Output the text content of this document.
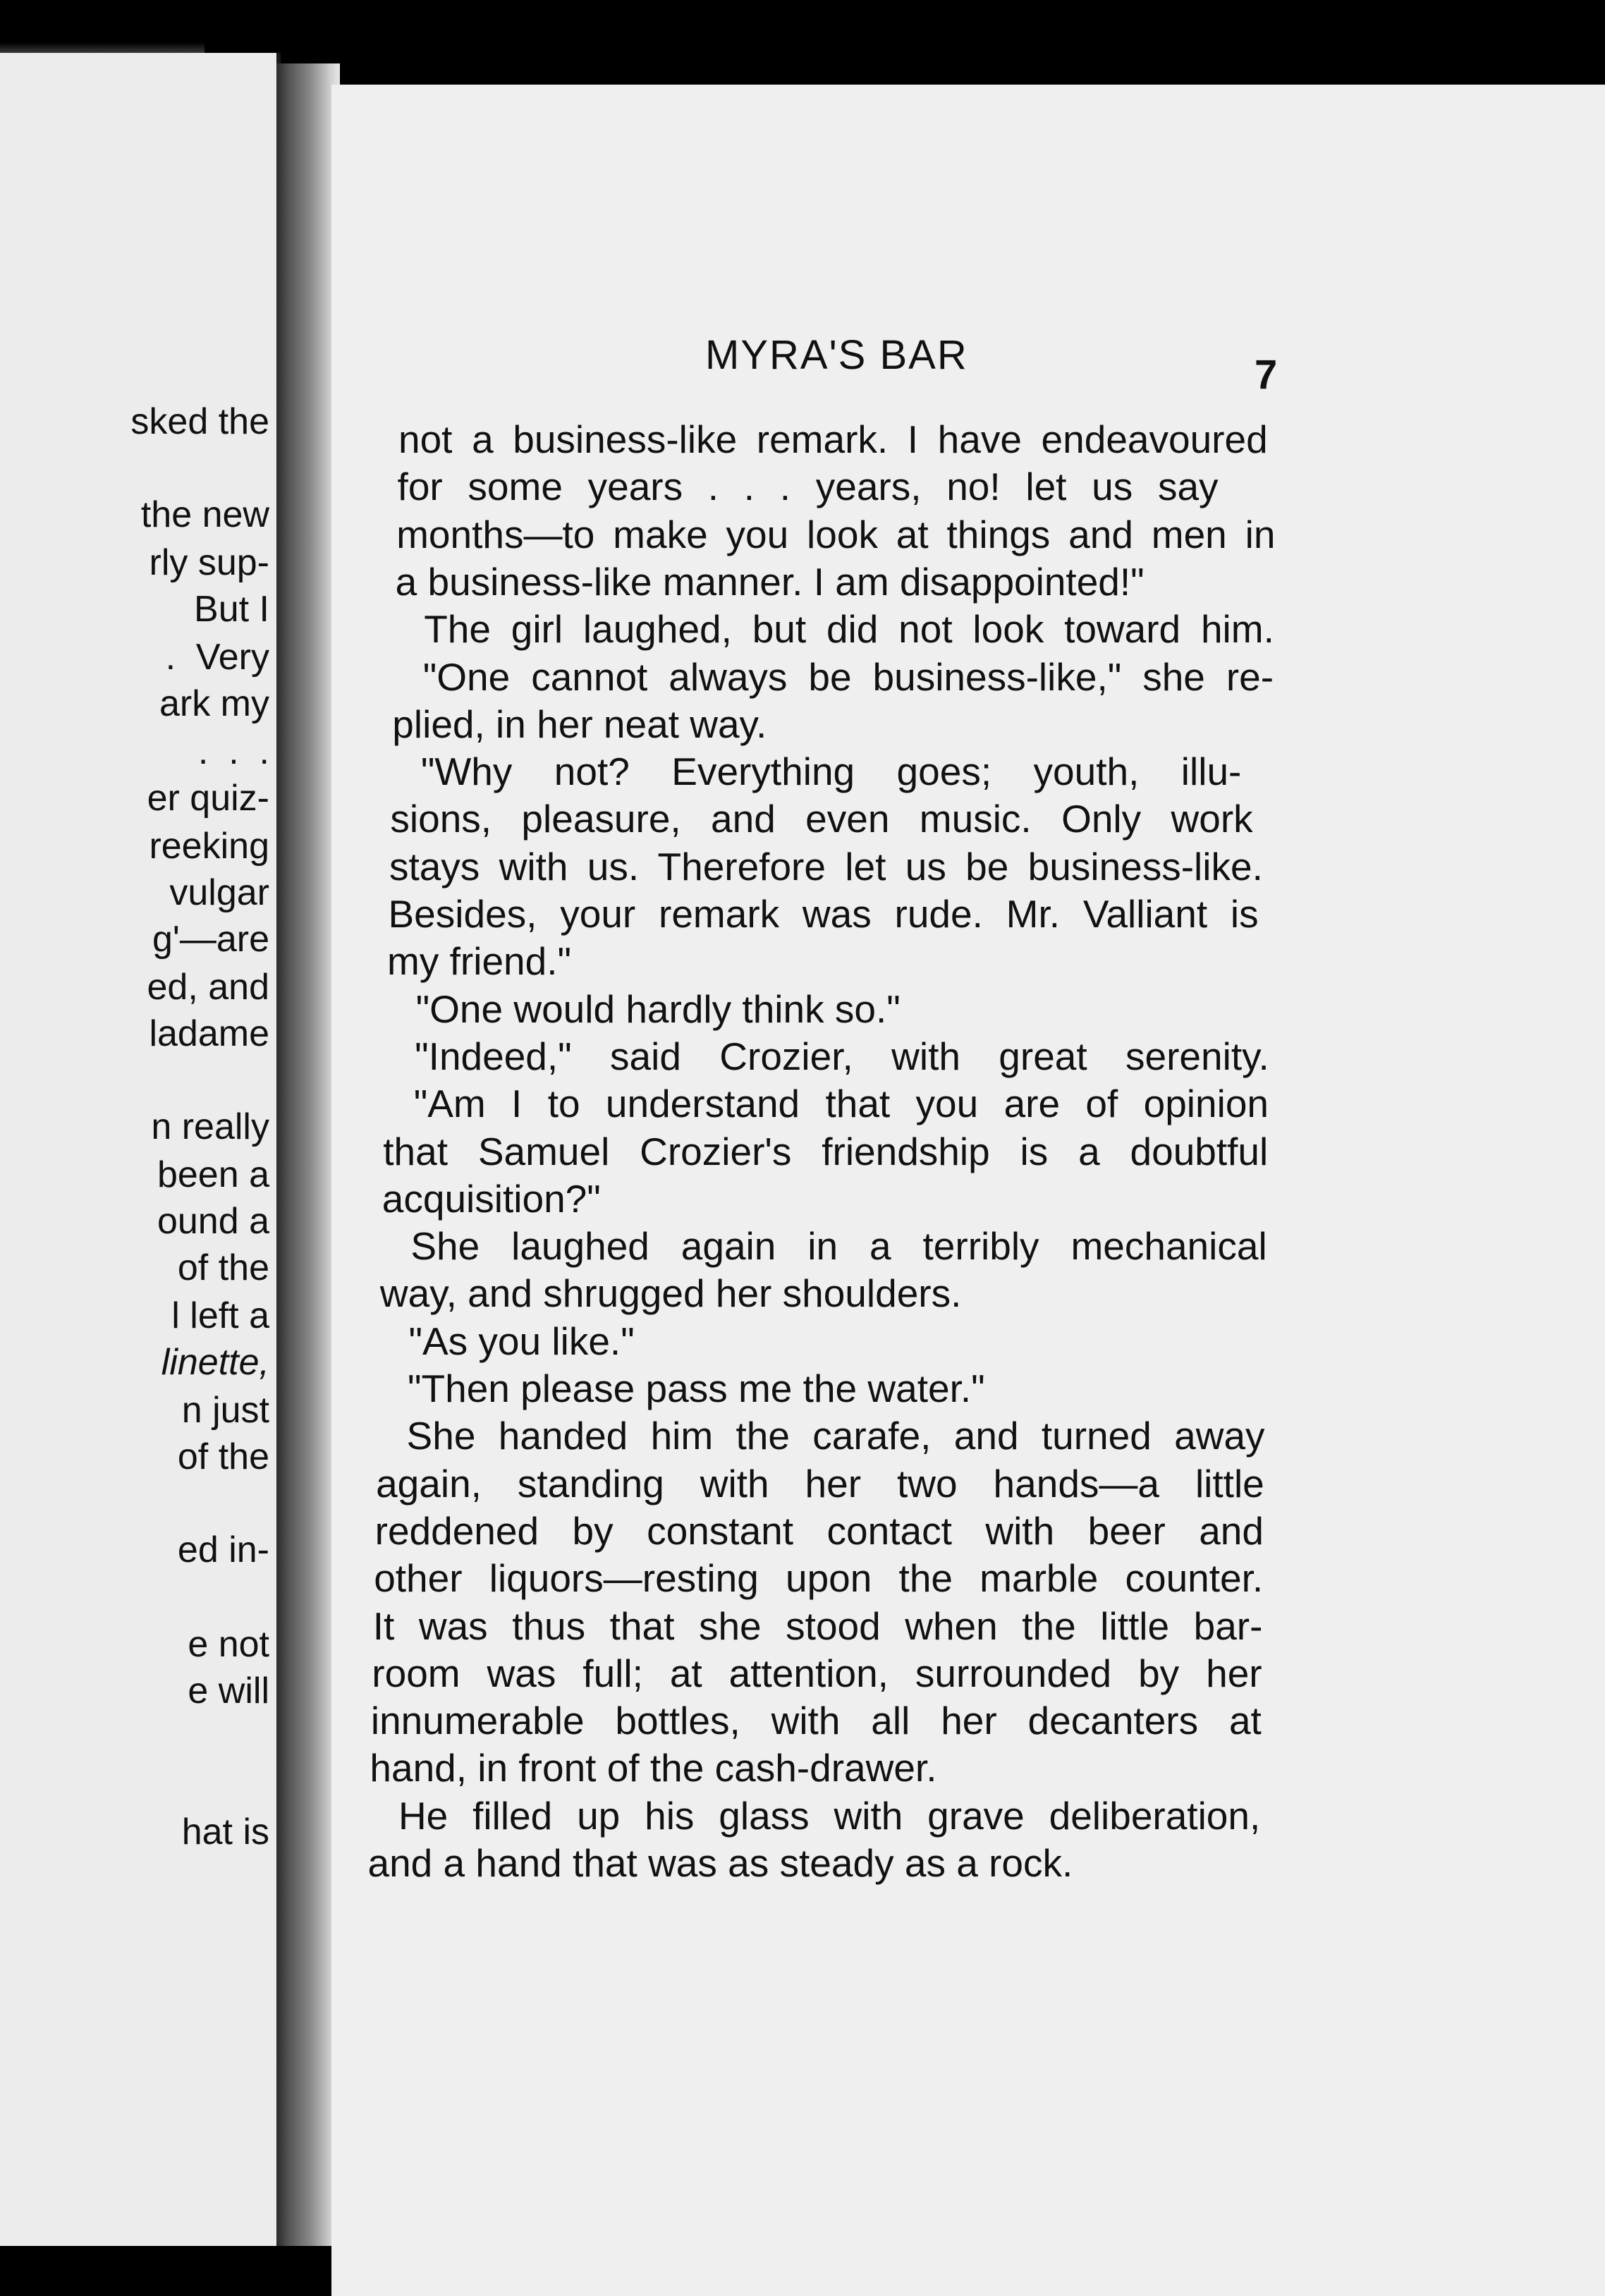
sked the
the new
rly sup-
But I
.  Very
ark my
.  .  .
er quiz-
reeking
vulgar
g'—are
ed, and
ladame
n really
been a
ound a
of the
l left a
linette,
n just
of the
ed in-
e not
e will
hat is
MYRA'S BAR	7
not a business-like remark. I have endeavoured
for some years . . . years, no! let us say
months—to make you look at things and men in
a business-like manner. I am disappointed!"
The girl laughed, but did not look toward him.
"One cannot always be business-like," she re-
plied, in her neat way.
"Why not? Everything goes; youth, illu-
sions, pleasure, and even music. Only work
stays with us. Therefore let us be business-like.
Besides, your remark was rude. Mr. Valliant is
my friend."
"One would hardly think so."
"Indeed," said Crozier, with great serenity.
"Am I to understand that you are of opinion
that Samuel Crozier's friendship is a doubtful
acquisition?"
She laughed again in a terribly mechanical
way, and shrugged her shoulders.
"As you like."
"Then please pass me the water."
She handed him the carafe, and turned away
again, standing with her two hands—a little
reddened by constant contact with beer and
other liquors—resting upon the marble counter.
It was thus that she stood when the little bar-
room was full; at attention, surrounded by her
innumerable bottles, with all her decanters at
hand, in front of the cash-drawer.
He filled up his glass with grave deliberation,
and a hand that was as steady as a rock.
